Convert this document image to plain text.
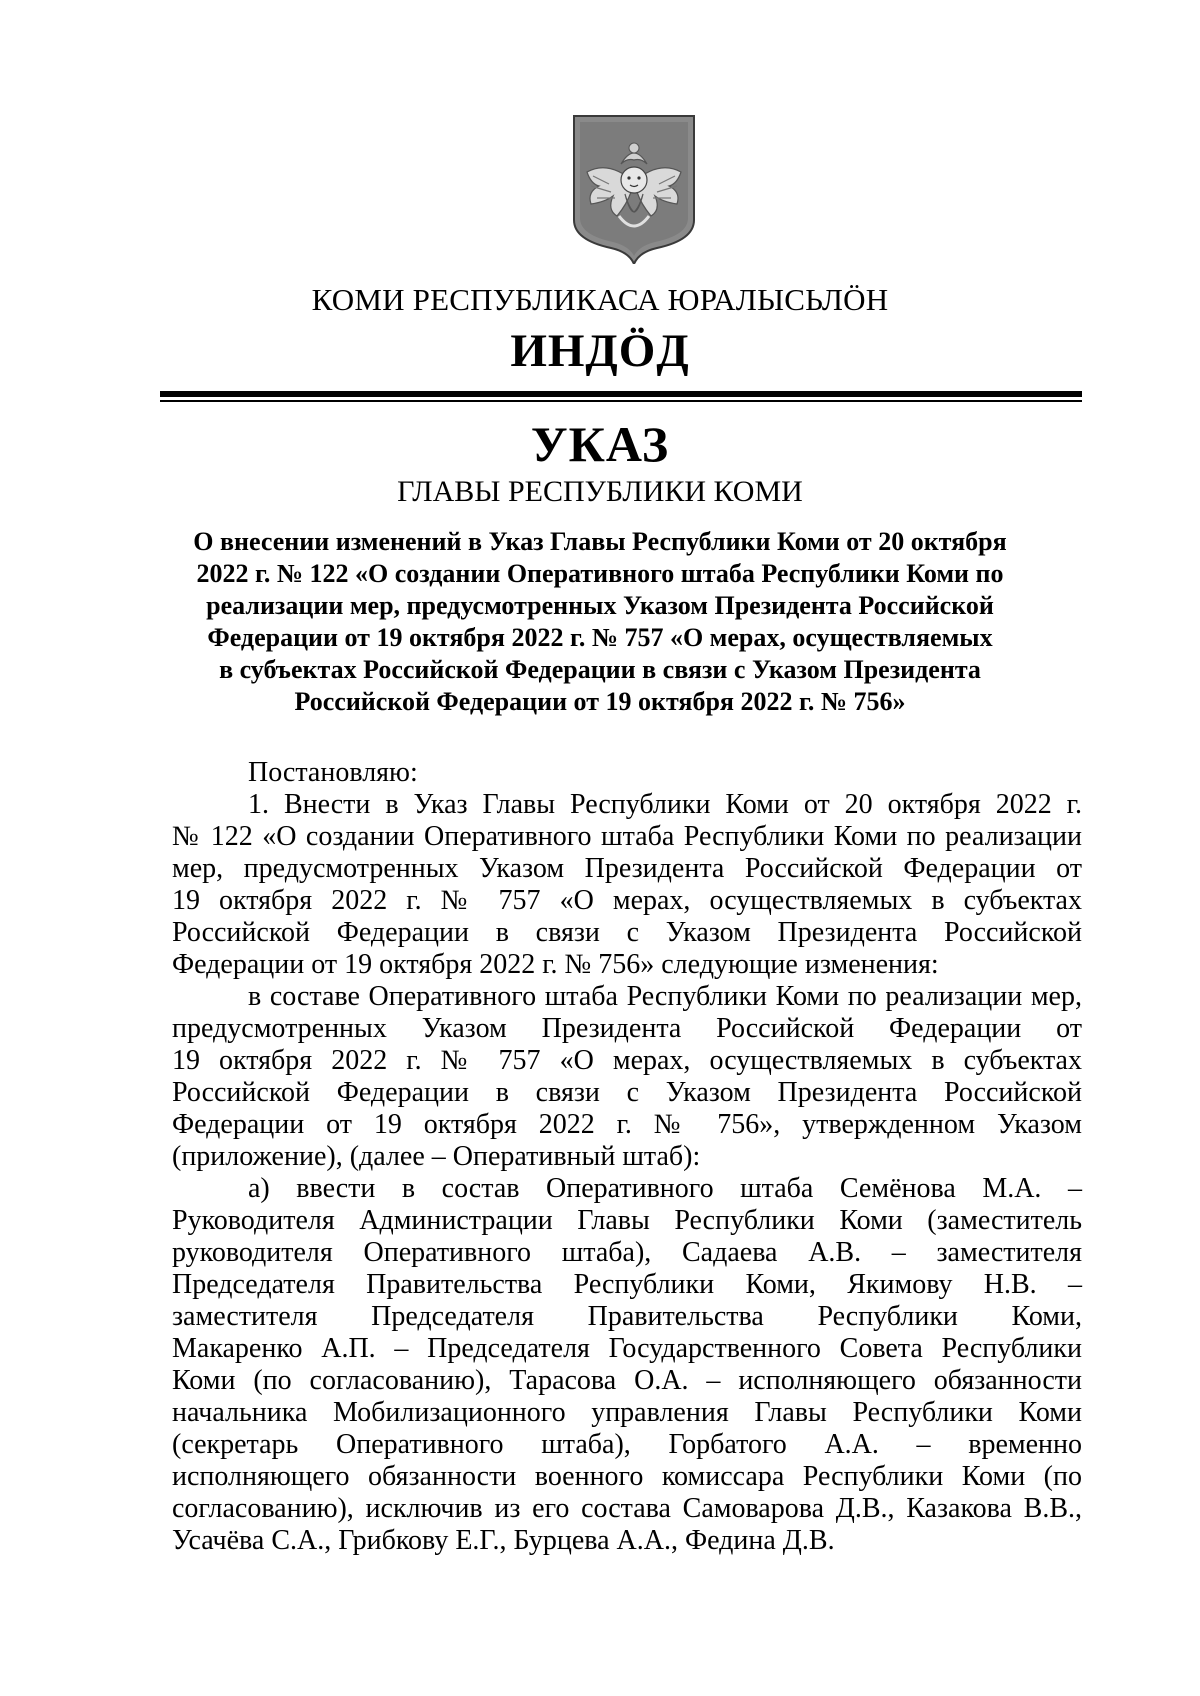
КОМИ РЕСПУБЛИКАСА ЮРАЛЫСЬЛÖН
ИНДÖД
УКАЗ
ГЛАВЫ РЕСПУБЛИКИ КОМИ
О внесении изменений в Указ Главы Республики Коми от 20 октября
2022 г. № 122 «О создании Оперативного штаба Республики Коми по
реализации мер, предусмотренных Указом Президента Российской
Федерации от 19 октября 2022 г. № 757 «О мерах, осуществляемых
в субъектах Российской Федерации в связи с Указом Президента
Российской Федерации от 19 октября 2022 г. № 756»
Постановляю:
1. Внести в Указ Главы Республики Коми от 20 октября 2022 г.
№ 122 «О создании Оперативного штаба Республики Коми по реализации
мер, предусмотренных Указом Президента Российской Федерации от
19 октября 2022 г. № 757 «О мерах, осуществляемых в субъектах
Российской Федерации в связи с Указом Президента Российской
Федерации от 19 октября 2022 г. № 756» следующие изменения:
в составе Оперативного штаба Республики Коми по реализации мер,
предусмотренных Указом Президента Российской Федерации от
19 октября 2022 г. № 757 «О мерах, осуществляемых в субъектах
Российской Федерации в связи с Указом Президента Российской
Федерации от 19 октября 2022 г. № 756», утвержденном Указом
(приложение), (далее – Оперативный штаб):
а) ввести в состав Оперативного штаба Семёнова М.А. –
Руководителя Администрации Главы Республики Коми (заместитель
руководителя Оперативного штаба), Садаева А.В. – заместителя
Председателя Правительства Республики Коми, Якимову Н.В. –
заместителя Председателя Правительства Республики Коми,
Макаренко А.П. – Председателя Государственного Совета Республики
Коми (по согласованию), Тарасова О.А. – исполняющего обязанности
начальника Мобилизационного управления Главы Республики Коми
(секретарь Оперативного штаба), Горбатого А.А. – временно
исполняющего обязанности военного комиссара Республики Коми (по
согласованию), исключив из его состава Самоварова Д.В., Казакова В.В.,
Усачёва С.А., Грибкову Е.Г., Бурцева А.А., Федина Д.В.
